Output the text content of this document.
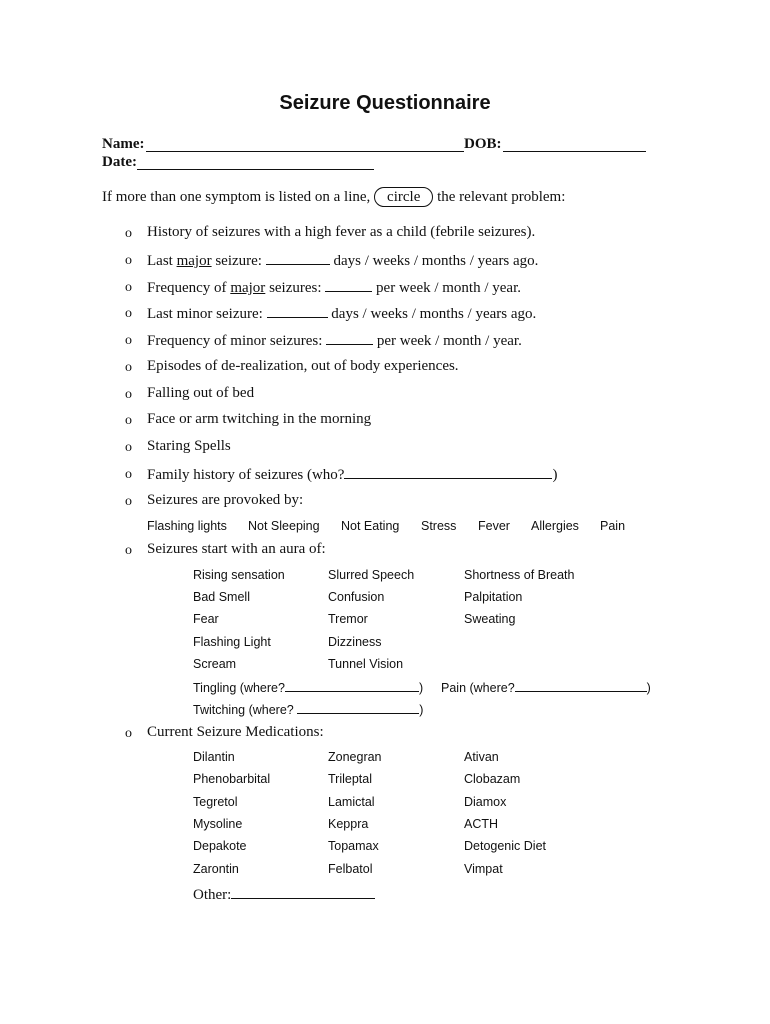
Seizure Questionnaire
Name:	DOB:
Date:
If more than one symptom is listed on a line, circle the relevant problem:
o History of seizures with a high fever as a child (febrile seizures).
o Last major seizure:	days / weeks / months / years ago.
o Frequency of major seizures:	per week / month / year.
o Last minor seizure:	days / weeks / months / years ago.
o Frequency of minor seizures:	per week / month / year.
o Episodes of de-realization, out of body experiences.
o Falling out of bed
o Face or arm twitching in the morning
o Staring Spells
o Family history of seizures (who?	)
o Seizures are provoked by:
Flashing lights Not Sleeping Not Eating Stress Fever Allergies Pain
o Seizures start with an aura of:
Rising sensation	Slurred Speech	Shortness of Breath
Bad Smell	Confusion	Palpitation
Fear	Tremor	Sweating
Flashing Light	Dizziness
Scream	Tunnel Vision
Tingling (where?	) Pain (where?	)
Twitching (where?	)
o Current Seizure Medications:
Dilantin	Zonegran	Ativan
Phenobarbital	Trileptal	Clobazam
Tegretol	Lamictal	Diamox
Mysoline	Keppra	ACTH
Depakote	Topamax	Detogenic Diet
Zarontin	Felbatol	Vimpat
Other:
